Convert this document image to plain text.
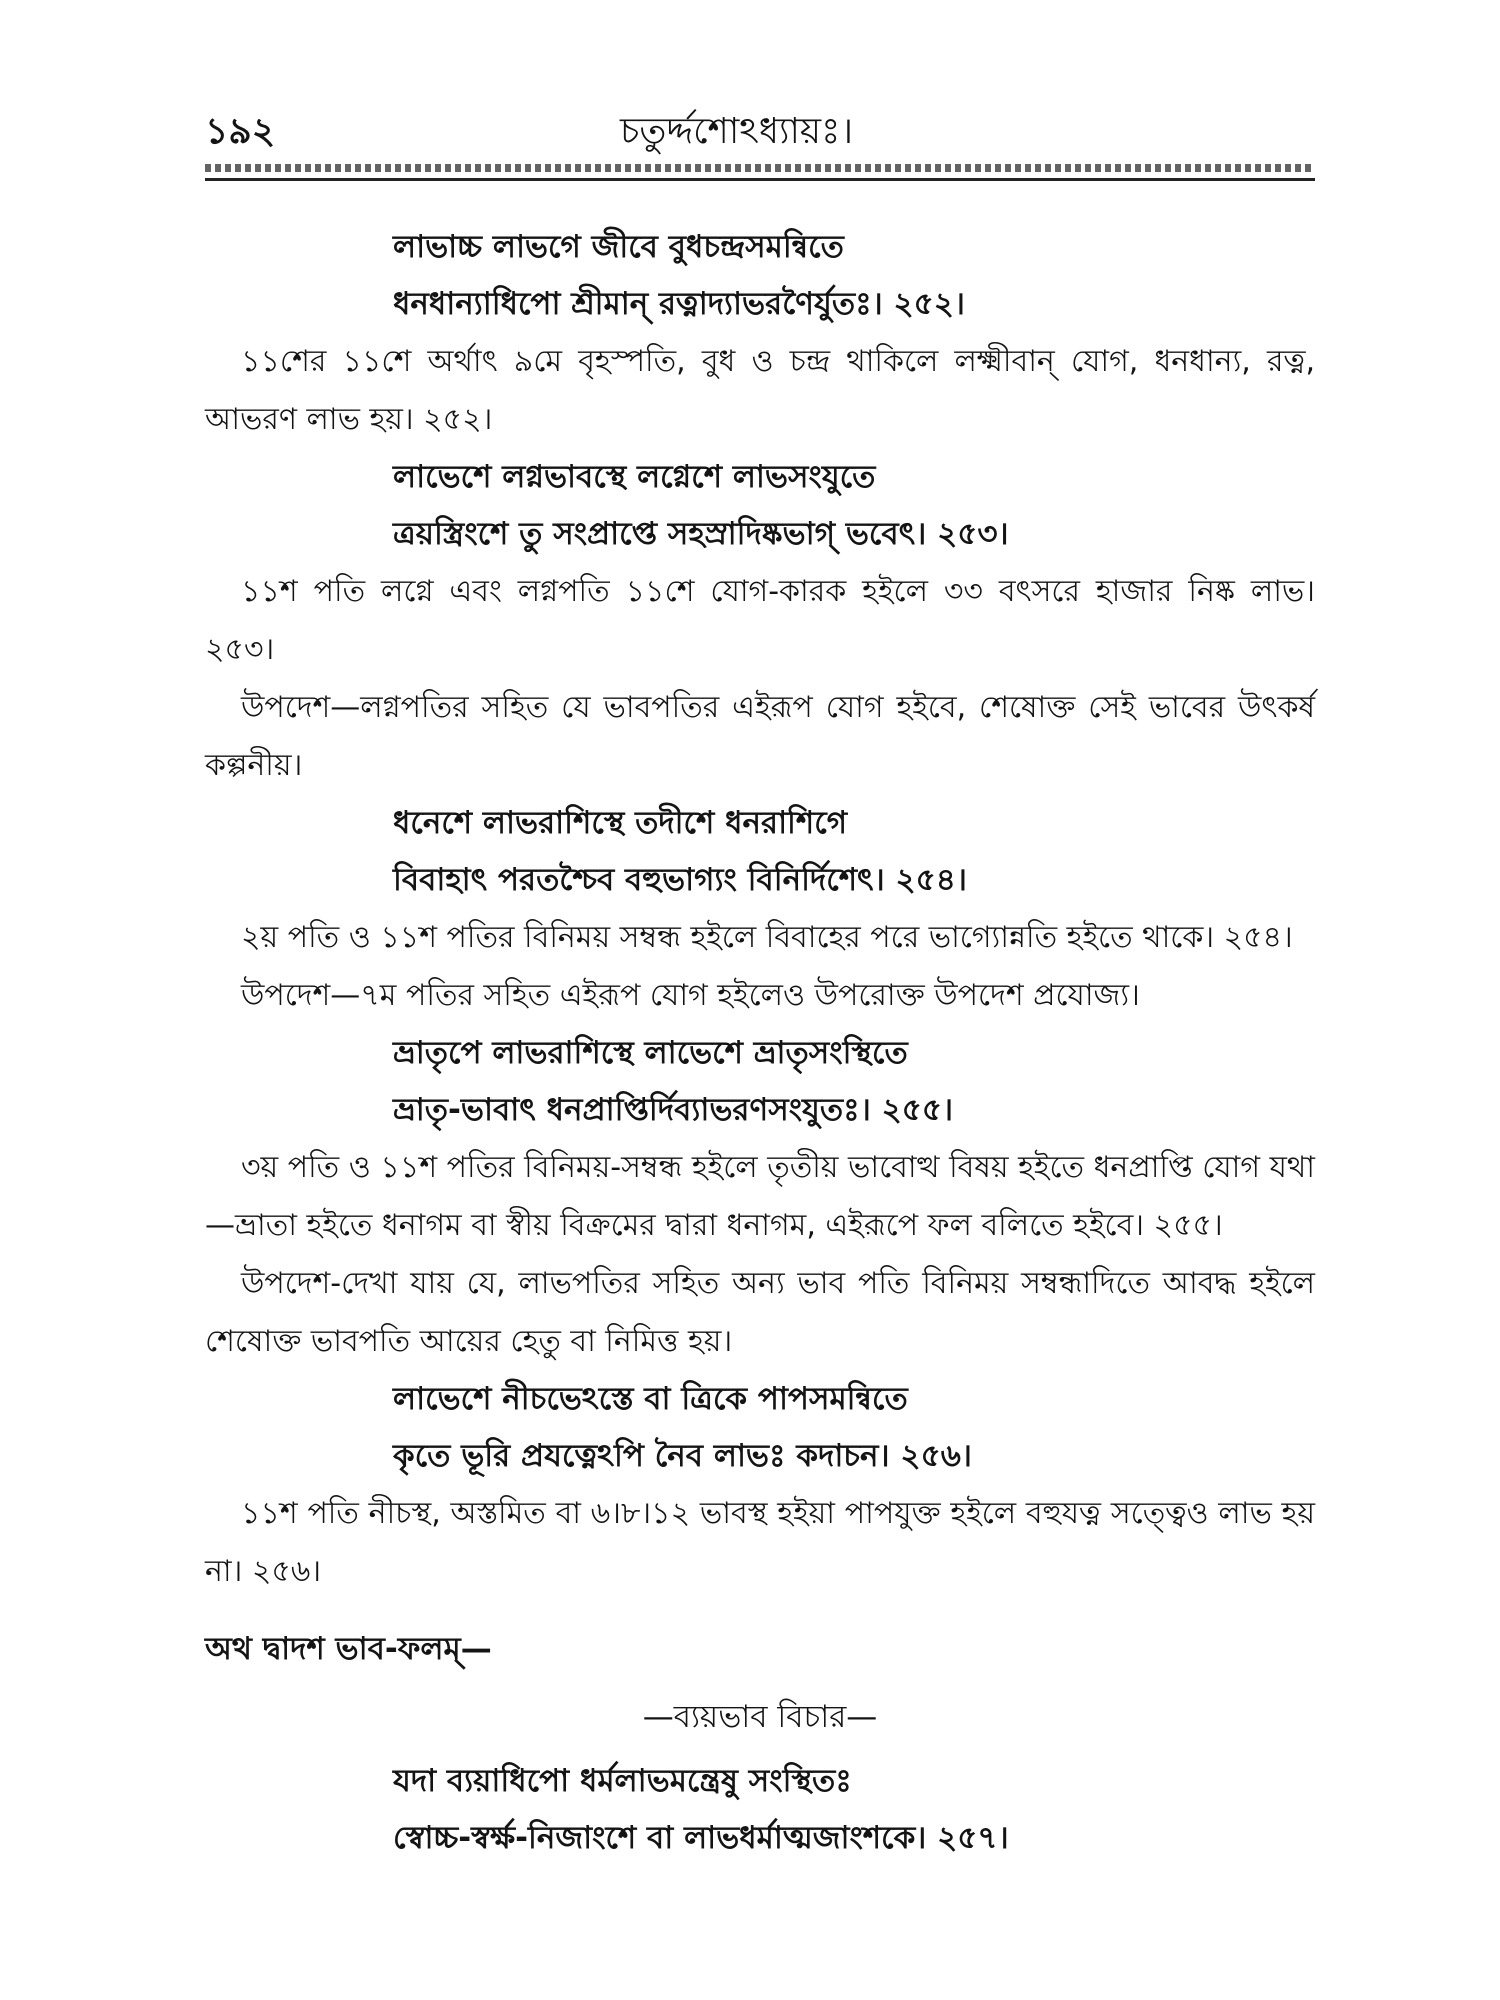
১৯২	চতুৰ্দ্দশোঽধ্যায়ঃ।
লাভাচ্চ লাভগে জীবে বুধচন্দ্রসমন্বিতে
ধনধান্যাধিপো শ্রীমান্ রত্নাদ্যাভরণৈর্যুতঃ। ২৫২।

১১শের ১১শে অর্থাৎ ৯মে বৃহস্পতি, বুধ ও চন্দ্র থাকিলে লক্ষ্মীবান্ যোগ, ধনধান্য, রত্ন, আভরণ লাভ হয়। ২৫২।

লাভেশে লগ্নভাবস্থে লগ্নেশে লাভসংযুতে
ত্রয়স্ত্রিংশে তু সংপ্রাপ্তে সহস্রাদিষ্কভাগ্ ভবেৎ। ২৫৩।

১১শ পতি লগ্নে এবং লগ্নপতি ১১শে যোগ-কারক হইলে ৩৩ বৎসরে হাজার নিষ্ক লাভ। ২৫৩।

উপদেশ—লগ্নপতির সহিত যে ভাবপতির এইরূপ যোগ হইবে, শেষোক্ত সেই ভাবের উৎকর্ষ কল্পনীয়।

ধনেশে লাভরাশিস্থে তদীশে ধনরাশিগে
বিবাহাৎ পরতশ্চৈব বহুভাগ্যং বিনির্দিশেৎ। ২৫৪।

২য় পতি ও ১১শ পতির বিনিময় সম্বন্ধ হইলে বিবাহের পরে ভাগ্যোন্নতি হইতে থাকে। ২৫৪।

উপদেশ—৭ম পতির সহিত এইরূপ যোগ হইলেও উপরোক্ত উপদেশ প্রযোজ্য।

ভ্রাতৃপে লাভরাশিস্থে লাভেশে ভ্রাতৃসংস্থিতে
ভ্রাতৃ-ভাবাৎ ধনপ্রাপ্তির্দিব্যাভরণসংযুতঃ। ২৫৫।

৩য় পতি ও ১১শ পতির বিনিময়-সম্বন্ধ হইলে তৃতীয় ভাবোত্থ বিষয় হইতে ধনপ্রাপ্তি যোগ যথা—ভ্রাতা হইতে ধনাগম বা স্বীয় বিক্রমের দ্বারা ধনাগম, এইরূপে ফল বলিতে হইবে। ২৫৫।

উপদেশ-দেখা যায় যে, লাভপতির সহিত অন্য ভাব পতি বিনিময় সম্বন্ধাদিতে আবদ্ধ হইলে শেষোক্ত ভাবপতি আয়ের হেতু বা নিমিত্ত হয়।

লাভেশে নীচভেঽস্তে বা ত্রিকে পাপসমন্বিতে
কৃতে ভূরি প্রযত্নেঽপি নৈব লাভঃ কদাচন। ২৫৬।

১১শ পতি নীচস্থ, অস্তমিত বা ৬।৮।১২ ভাবস্থ হইয়া পাপযুক্ত হইলে বহুযত্ন সত্ত্বেও লাভ হয় না। ২৫৬।

অথ দ্বাদশ ভাব-ফলম্—
—ব্যয়ভাব বিচার—
যদা ব্যয়াধিপো ধর্মলাভমন্ত্রেষু সংস্থিতঃ
স্বোচ্চ-স্বর্ক্ষ-নিজাংশে বা লাভধর্মাত্মজাংশকে। ২৫৭।
